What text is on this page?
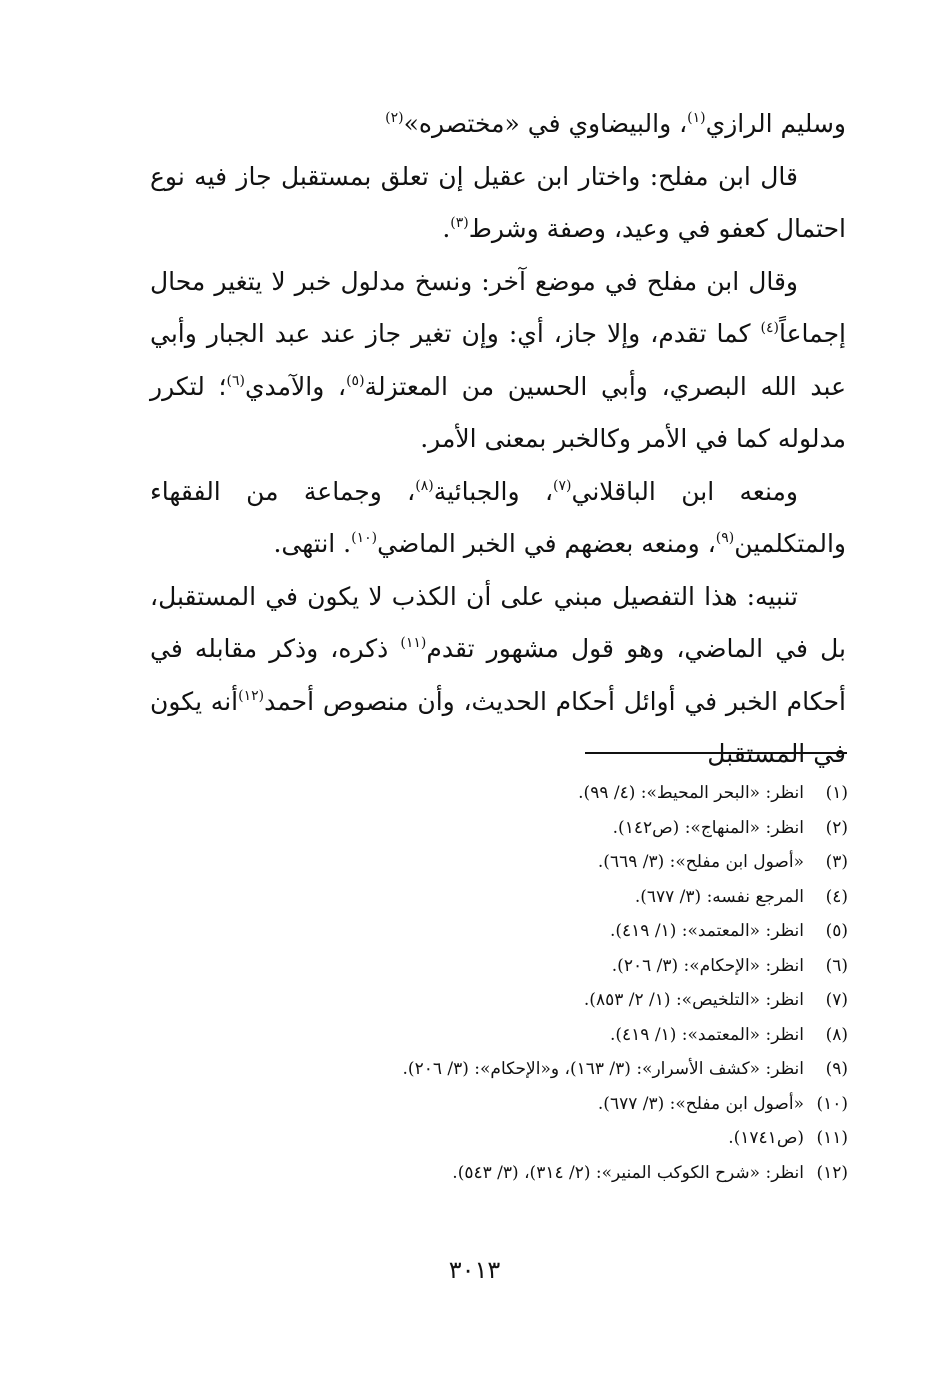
وسليم الرازي$^{(١)}$، والبيضاوي في «مختصره»$^{(٢)}$

قال ابن مفلح: واختار ابن عقيل إن تعلق بمستقبل جاز فيه نوع احتمال كعفو في وعيد، وصفة وشرط$^{(٣)}$.

وقال ابن مفلح في موضع آخر: ونسخ مدلول خبر لا يتغير محال إجماعاً$^{(٤)}$ كما تقدم، وإلا جاز، أي: وإن تغير جاز عند عبد الجبار وأبي عبد الله البصري، وأبي الحسين من المعتزلة$^{(٥)}$، والآمدي$^{(٦)}$؛ لتكرر مدلوله كما في الأمر وكالخبر بمعنى الأمر.

ومنعه ابن الباقلاني$^{(٧)}$، والجبائية$^{(٨)}$، وجماعة من الفقهاء والمتكلمين$^{(٩)}$، ومنعه بعضهم في الخبر الماضي$^{(١٠)}$. انتهى.

تنبيه: هذا التفصيل مبني على أن الكذب لا يكون في المستقبل، بل في الماضي، وهو قول مشهور تقدم$^{(١١)}$ ذكره، وذكر مقابله في أحكام الخبر في أوائل أحكام الحديث، وأن منصوص أحمد$^{(١٢)}$أنه يكون في المستقبل

(١)انظر: «البحر المحيط»: (٤/ ٩٩).
(٢)انظر: «المنهاج»: (ص١٤٢).
(٣)«أصول ابن مفلح»: (٣/ ٦٦٩).
(٤)المرجع نفسه: (٣/ ٦٧٧).
(٥)انظر: «المعتمد»: (١/ ٤١٩).
(٦)انظر: «الإحكام»: (٣/ ٢٠٦).
(٧)انظر: «التلخيص»: (١/ ٢/ ٨٥٣).
(٨)انظر: «المعتمد»: (١/ ٤١٩).
(٩)انظر: «كشف الأسرار»: (٣/ ١٦٣)، و«الإحكام»: (٣/ ٢٠٦).
(١٠)«أصول ابن مفلح»: (٣/ ٦٧٧).
(١١)(ص١٧٤١).
(١٢)انظر: «شرح الكوكب المنير»: (٢/ ٣١٤)، (٣/ ٥٤٣).
٣٠١٣
